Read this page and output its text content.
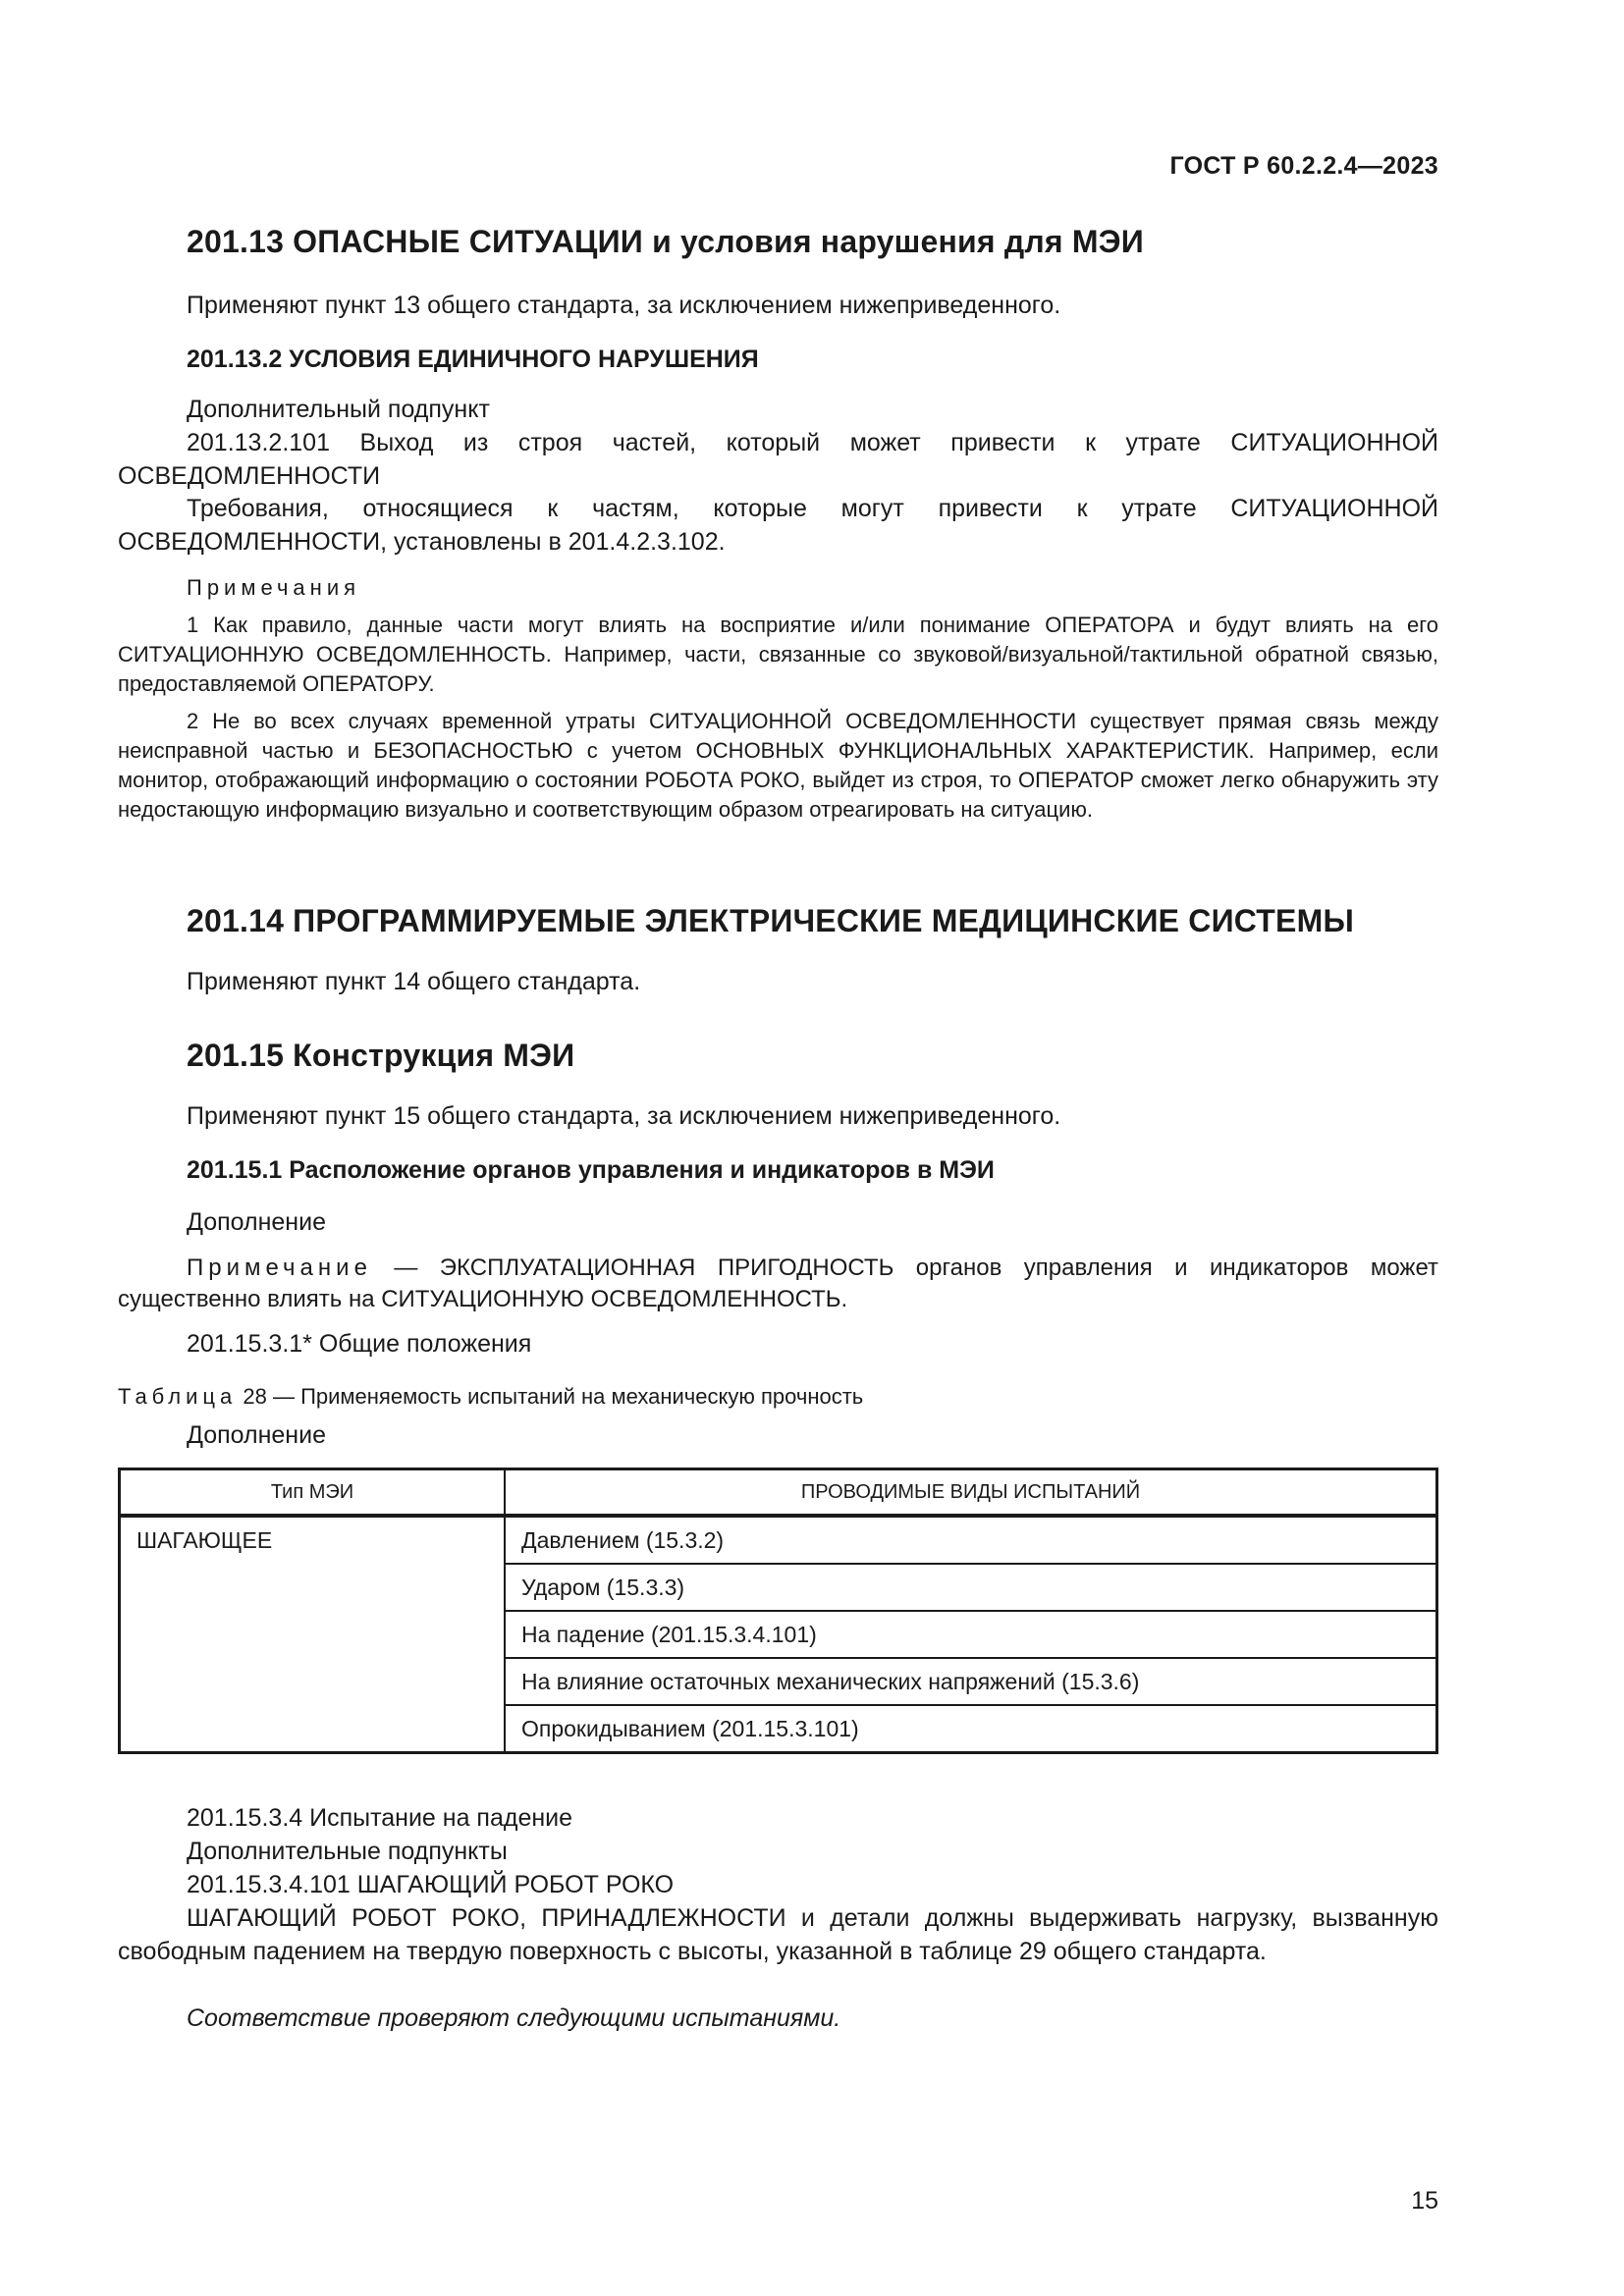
ГОСТ Р 60.2.2.4—2023
201.13 ОПАСНЫЕ СИТУАЦИИ и условия нарушения для МЭИ
Применяют пункт 13 общего стандарта, за исключением нижеприведенного.
201.13.2 УСЛОВИЯ ЕДИНИЧНОГО НАРУШЕНИЯ
Дополнительный подпункт
201.13.2.101 Выход из строя частей, который может привести к утрате СИТУАЦИОННОЙ ОСВЕДОМЛЕННОСТИ
Требования, относящиеся к частям, которые могут привести к утрате СИТУАЦИОННОЙ ОСВЕДОМЛЕННОСТИ, установлены в 201.4.2.3.102.
Примечания
1 Как правило, данные части могут влиять на восприятие и/или понимание ОПЕРАТОРА и будут влиять на его СИТУАЦИОННУЮ ОСВЕДОМЛЕННОСТЬ. Например, части, связанные со звуковой/визуальной/тактильной обратной связью, предоставляемой ОПЕРАТОРУ.
2 Не во всех случаях временной утраты СИТУАЦИОННОЙ ОСВЕДОМЛЕННОСТИ существует прямая связь между неисправной частью и БЕЗОПАСНОСТЬЮ с учетом ОСНОВНЫХ ФУНКЦИОНАЛЬНЫХ ХАРАКТЕРИСТИК. Например, если монитор, отображающий информацию о состоянии РОБОТА РОКО, выйдет из строя, то ОПЕРАТОР сможет легко обнаружить эту недостающую информацию визуально и соответствующим образом отреагировать на ситуацию.
201.14 ПРОГРАММИРУЕМЫЕ ЭЛЕКТРИЧЕСКИЕ МЕДИЦИНСКИЕ СИСТЕМЫ
Применяют пункт 14 общего стандарта.
201.15 Конструкция МЭИ
Применяют пункт 15 общего стандарта, за исключением нижеприведенного.
201.15.1 Расположение органов управления и индикаторов в МЭИ
Дополнение
Примечание — ЭКСПЛУАТАЦИОННАЯ ПРИГОДНОСТЬ органов управления и индикаторов может существенно влиять на СИТУАЦИОННУЮ ОСВЕДОМЛЕННОСТЬ.
201.15.3.1* Общие положения
Таблица 28 — Применяемость испытаний на механическую прочность
Дополнение
Тип МЭИ	ПРОВОДИМЫЕ ВИДЫ ИСПЫТАНИЙ
ШАГАЮЩЕЕ	Давлением (15.3.2)
	Ударом (15.3.3)
	На падение (201.15.3.4.101)
	На влияние остаточных механических напряжений (15.3.6)
	Опрокидыванием (201.15.3.101)
201.15.3.4 Испытание на падение
Дополнительные подпункты
201.15.3.4.101 ШАГАЮЩИЙ РОБОТ РОКО
ШАГАЮЩИЙ РОБОТ РОКО, ПРИНАДЛЕЖНОСТИ и детали должны выдерживать нагрузку, вызванную свободным падением на твердую поверхность с высоты, указанной в таблице 29 общего стандарта.
Соответствие проверяют следующими испытаниями.
15
